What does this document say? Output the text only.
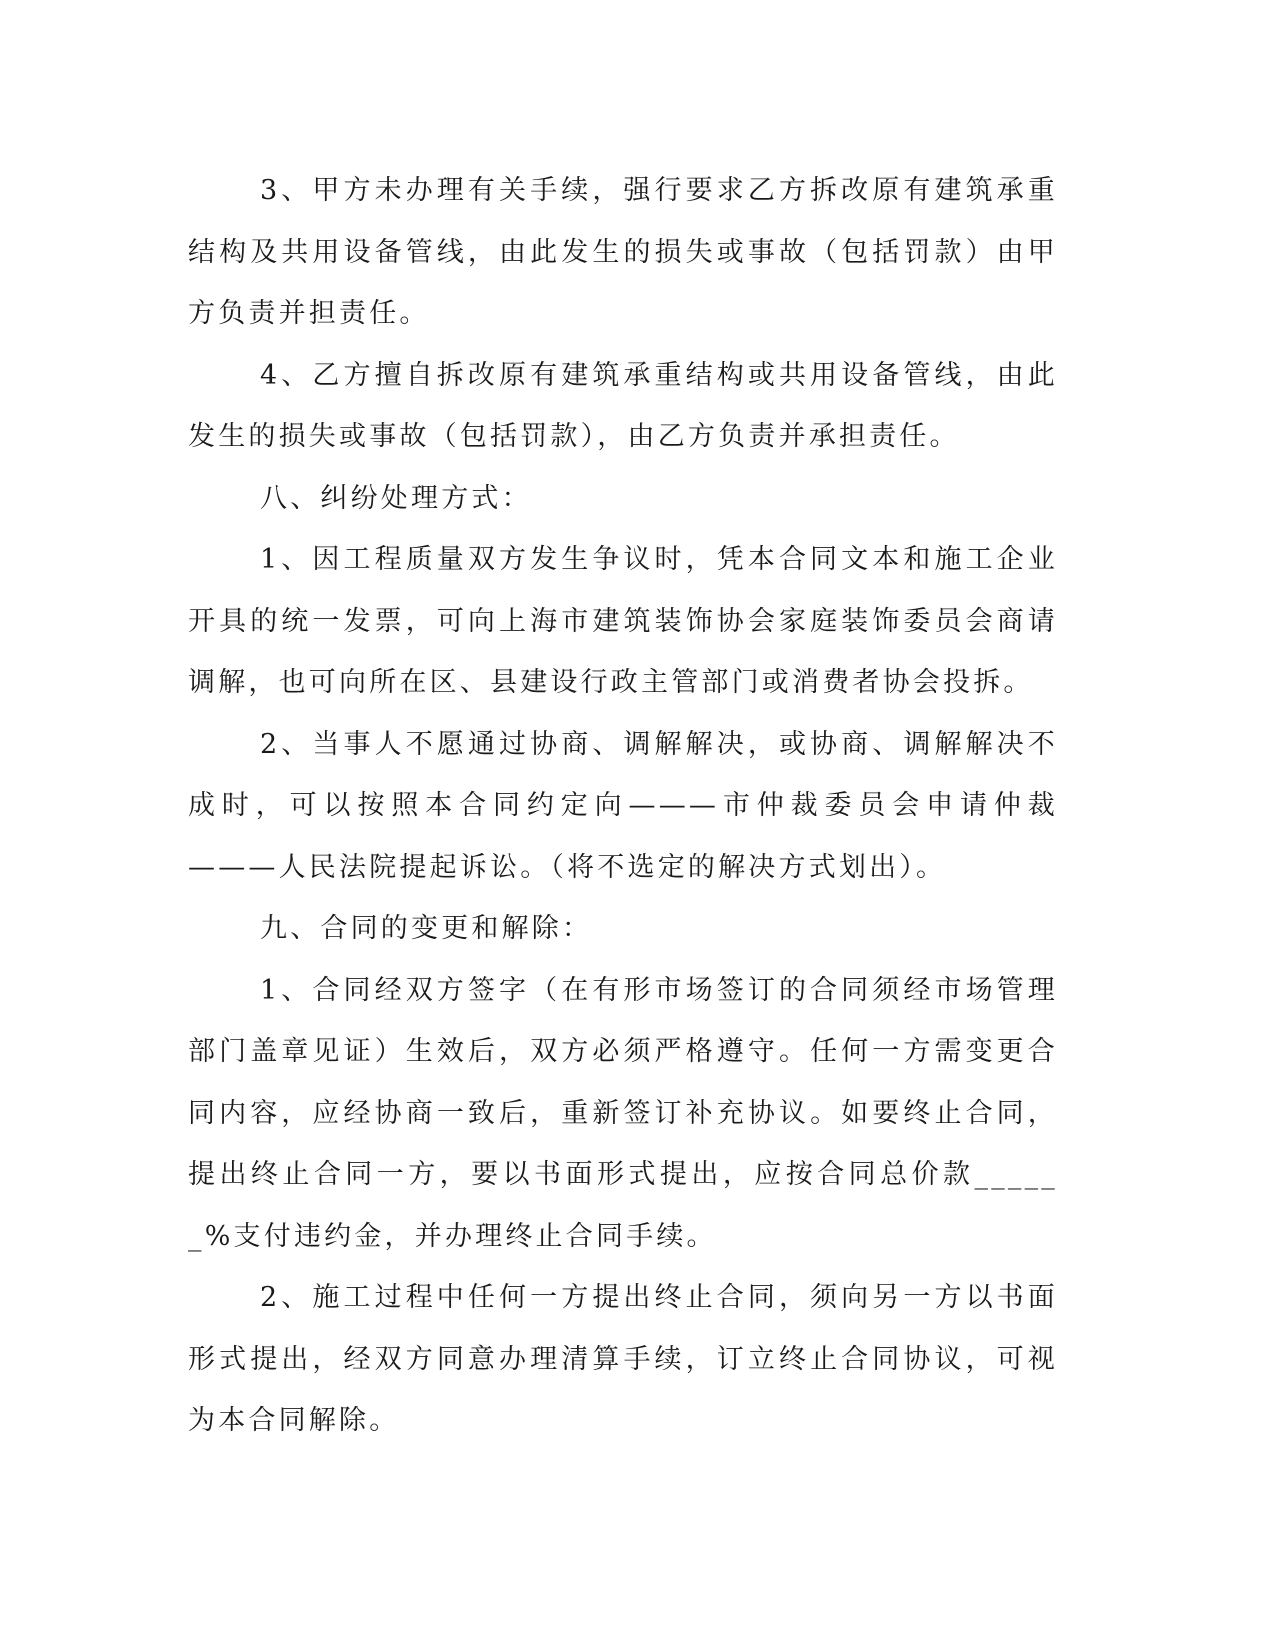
3、甲方未办理有关手续，强行要求乙方拆改原有建筑承重结构及共用设备管线，由此发生的损失或事故（包括罚款）由甲方负责并担责任。

4、乙方擅自拆改原有建筑承重结构或共用设备管线，由此发生的损失或事故（包括罚款），由乙方负责并承担责任。

八、纠纷处理方式：

1、因工程质量双方发生争议时，凭本合同文本和施工企业开具的统一发票，可向上海市建筑装饰协会家庭装饰委员会商请调解，也可向所在区、县建设行政主管部门或消费者协会投拆。

2、当事人不愿通过协商、调解解决，或协商、调解解决不成时，可以按照本合同约定向———市仲裁委员会申请仲裁———人民法院提起诉讼。（将不选定的解决方式划出）。

九、合同的变更和解除：

1、合同经双方签字（在有形市场签订的合同须经市场管理部门盖章见证）生效后，双方必须严格遵守。任何一方需变更合同内容，应经协商一致后，重新签订补充协议。如要终止合同，提出终止合同一方，要以书面形式提出，应按合同总价款______%支付违约金，并办理终止合同手续。

2、施工过程中任何一方提出终止合同，须向另一方以书面形式提出，经双方同意办理清算手续，订立终止合同协议，可视为本合同解除。
